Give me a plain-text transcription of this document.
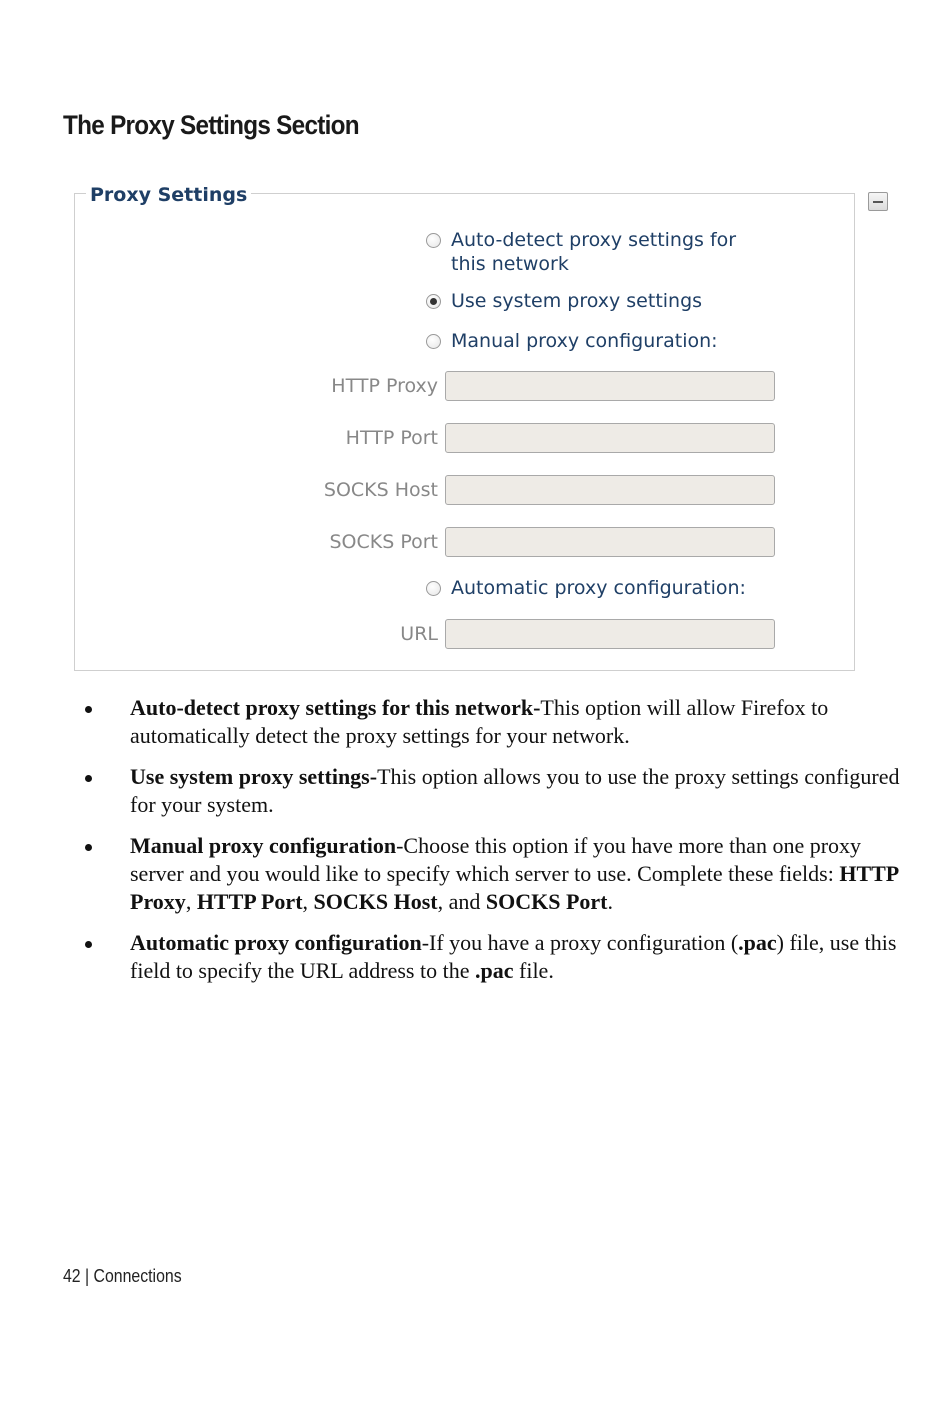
The Proxy Settings Section
Proxy Settings
Auto-detect proxy settings for
this network
Use system proxy settings
Manual proxy configuration:
HTTP Proxy
HTTP Port
SOCKS Host
SOCKS Port
Automatic proxy configuration:
URL
Auto-detect proxy settings for this network-This option will allow Firefox to automatically detect the proxy settings for your network.
Use system proxy settings-This option allows you to use the proxy settings configured for your system.
Manual proxy configuration-Choose this option if you have more than one proxy server and you would like to specify which server to use. Complete these fields: HTTP Proxy, HTTP Port, SOCKS Host, and SOCKS Port.
Automatic proxy configuration-If you have a proxy configuration (.pac) file, use this field to specify the URL address to the .pac file.
42 | Connections
